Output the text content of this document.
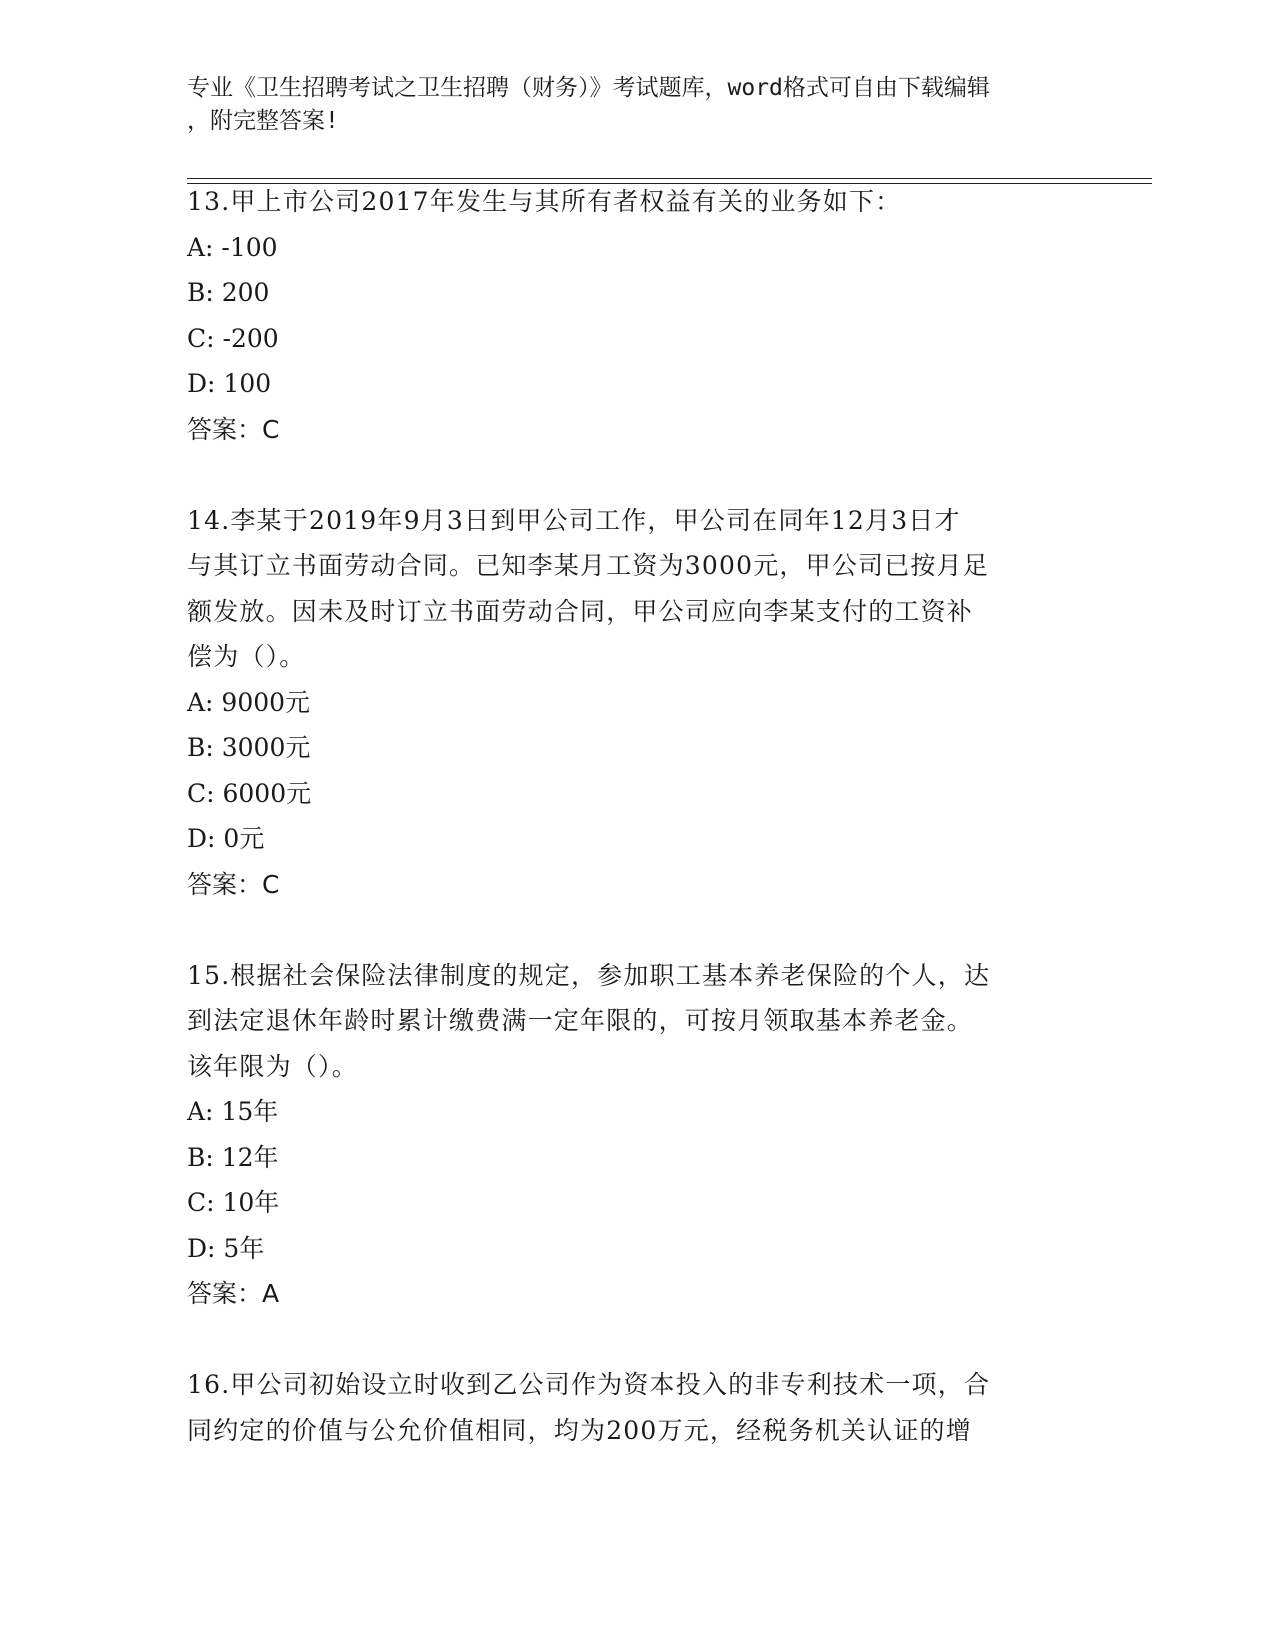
专业《卫生招聘考试之卫生招聘（财务）》考试题库，word格式可自由下载编辑
，附完整答案!
13.甲上市公司2017年发生与其所有者权益有关的业务如下：
A: -100
B: 200
C: -200
D: 100
答案：C
14.李某于2019年9月3日到甲公司工作，甲公司在同年12月3日才
与其订立书面劳动合同。已知李某月工资为3000元，甲公司已按月足
额发放。因未及时订立书面劳动合同，甲公司应向李某支付的工资补
偿为（）。
A: 9000元
B: 3000元
C: 6000元
D: 0元
答案：C
15.根据社会保险法律制度的规定，参加职工基本养老保险的个人，达
到法定退休年龄时累计缴费满一定年限的，可按月领取基本养老金。
该年限为（）。
A: 15年
B: 12年
C: 10年
D: 5年
答案：A
16.甲公司初始设立时收到乙公司作为资本投入的非专利技术一项，合
同约定的价值与公允价值相同，均为200万元，经税务机关认证的增
